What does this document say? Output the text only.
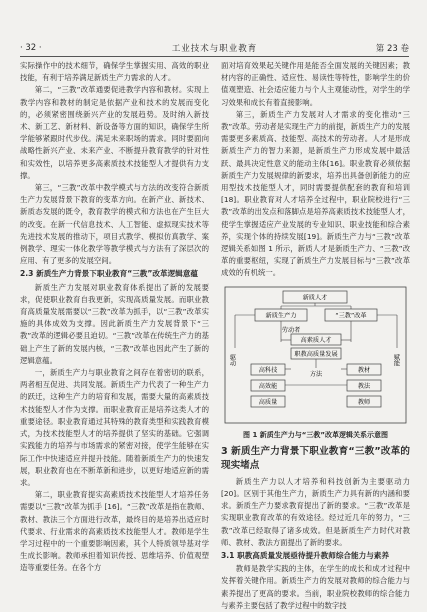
· 32 ·	工业技术与职业教育	第 23 卷

实际操作中的技术细节，确保学生掌握实用、高效的职业技能，有利于培养满足新质生产力需求的人才。

第二，“三教”改革通要促进教学内容和教材。实现上教学内容和教材的制定是依据产业和技术的发展而变化的，必须紧密围绕新兴产业的发展趋势。及时纳入新技术、新工艺、新材料、新设备等方面的知识，确保学生所学能够紧跟时代步伐。满足未来职场的需求。同时要面向战略性新兴产业、未来产业、不断提升教育教学的针对性和实效性，以培养更多高素质技术技能型人才提供有力支撑。

第三，“三教”改革中教学模式与方法的改变符合新质生产力发展背景下教育的变革方向。在新产业、新技术、新质态发展的既令，教育教学的模式和方法也在产生巨大的改变。在新一代信息技术、人工智能、虚拟现实技术等先进技术发展的推动下，项目式教学、模拟仿真教学、案例教学、理实一体化教学等教学模式与方法有了深层次的应用、有了更多的发展空间。

2.3 新质生产力背景下职业教育“三教”改革逻辑意蕴

新质生产力发展对职业教育体系提出了新的发展要求，促使职业教育自我更新，实现高质量发展。而职业教育高质量发展需要以“三教”改革为抓手，以“三教”改革实施的具体成效为支撑。因此新质生产力发展背景下“三教”改革的逻辑必要且迫切。“三教”改革在传统生产力的基础上产生了新的发展内核，“三教”改革也因此产生了新的逻辑意蕴。

一，新质生产力与职业教育之间存在着密切的联系，两者相互促进、共同发展。新质生产力代表了一种生产力的跃迁，这种生产力的培育和发展，需要大量的高素质技术技能型人才作为支撑。而职业教育正是培养这类人才的重要途径。职业教育通过其特殊的教育类型和实践教育模式，为技术技能型人才的培养提供了坚实的基础。它强调实践能力的培养与市场需求的紧密对接，使学生能够在实际工作中快速适应并提升技能。随着新质生产力的快速发展，职业教育也在不断革新和进步，以更好地适应新的需求。

第二，职业教育提实高素质技术技能型人才培养任务需要以“三教”改革为抓手 [16]。“三教”改革是指在教师、教材、教法三个方面进行改革，最终目的是培养出适应时代要求、行业需求的高素质技术技能型人才。教师是学生学习过程中的一个重要影响因素，其个人特质领导基对学生成长影响。教师承担着知识传授、思维培养、价值观塑造等重要任务。在各个方

面对培育效果起关键作用是能否全面发展的关键因素；教材内容的正确性、适应性、易读性等特性，影响学生的价值观塑造、社会适应能力与个人主观能动性，对学生的学习效果和成长有着直接影响。

第三，新质生产力发展对人才需求的变化推动“三教”改革。劳动者是实现生产力的前提，新质生产力的发展需要更多素质高、技能型、高技术的劳动者。人才是形成新质生产力的智力来源，是新质生产力形成发展中最活跃、最具决定性意义的能动主体[16]。职业教育必须依据新质生产力发展规律的新要求，培养出具备创新能力的应用型技术技能型人才，同时需要提供配套的教育和培训[18]。职业教育对人才培养全过程中，职业院校进行“三教”改革的出发点和落脚点是培养高素质技术技能型人才，使学生掌握适应产业发展的专业知识、职业技能和综合素养，实现个体的持续发展[19]。新质生产力与“三教”改革逻辑关系如图 1 所示，新质人才是新质生产力、“三教”改革的重要枢纽，实现了新质生产力发展目标与“三教”改革成效的有机统一。

新质人才
新质生产力	“三教”改革
驱动	赋能
劳动者
高素质人才
职教高质量发展
高科技
高效能
高质量
教材
教法
教师
方法
图 1 新质生产力与“三教”改革逻辑关系示意图
3 新质生产力背景下职业教育“三教”改革的现实堵点

新质生产力以人才培养和科技创新为主要驱动力[20]。区别于其他生产力，新质生产力具有新的内涵和要求。新质生产力要求教育提出了新的要求。“三教”改革是实现职业教育改革的有效途径。经过近几年的努力，“三教”改革已经取得了诸多成效。但是新质生产力时代对教师、教材、教法方面提出了新的要求。

3.1 职教高质量发展亟待提升教师综合能力与素养

教师是教学实践的主体，在学生的成长和成才过程中发挥着关键作用。新质生产力的发展对教师的综合能力与素养提出了更高的要求。当前，职业院校教师的综合能力与素养主要包括了教学过程中的数字技
